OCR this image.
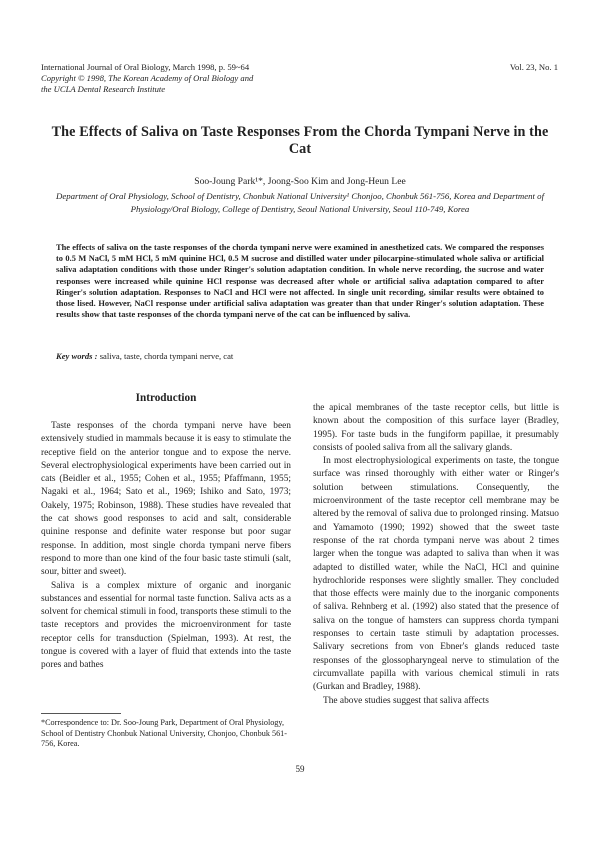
International Journal of Oral Biology, March 1998, p. 59~64
Copyright © 1998, The Korean Academy of Oral Biology and
the UCLA Dental Research Institute
Vol. 23, No. 1
The Effects of Saliva on Taste Responses From the Chorda Tympani Nerve in the Cat
Soo-Joung Park¹*, Joong-Soo Kim and Jong-Heun Lee
Department of Oral Physiology, School of Dentistry, Chonbuk National University¹ Chonjoo, Chonbuk 561-756, Korea and Department of Physiology/Oral Biology, College of Dentistry, Seoul National University, Seoul 110-749, Korea
The effects of saliva on the taste responses of the chorda tympani nerve were examined in anesthetized cats. We compared the responses to 0.5 M NaCl, 5 mM HCl, 5 mM quinine HCl, 0.5 M sucrose and distilled water under pilocarpine-stimulated whole saliva or artificial saliva adaptation conditions with those under Ringer's solution adaptation condition. In whole nerve recording, the sucrose and water responses were increased while quinine HCl response was decreased after whole or artificial saliva adaptation compared to after Ringer's solution adaptation. Responses to NaCl and HCl were not affected. In single unit recording, similar results were obtained to those lised. However, NaCl response under artificial saliva adaptation was greater than that under Ringer's solution adaptation. These results show that taste responses of the chorda tympani nerve of the cat can be influenced by saliva.
Key words : saliva, taste, chorda tympani nerve, cat
Introduction

Taste responses of the chorda tympani nerve have been extensively studied in mammals because it is easy to stimulate the receptive field on the anterior tongue and to expose the nerve. Several electrophysiological experiments have been carried out in cats (Beidler et al., 1955; Cohen et al., 1955; Pfaffmann, 1955; Nagaki et al., 1964; Sato et al., 1969; Ishiko and Sato, 1973; Oakely, 1975; Robinson, 1988). These studies have revealed that the cat shows good responses to acid and salt, considerable quinine response and definite water response but poor sugar response. In addition, most single chorda tympani nerve fibers respond to more than one kind of the four basic taste stimuli (salt, sour, bitter and sweet).

Saliva is a complex mixture of organic and inorganic substances and essential for normal taste function. Saliva acts as a solvent for chemical stimuli in food, transports these stimuli to the taste receptors and provides the microenvironment for taste receptor cells for transduction (Spielman, 1993). At rest, the tongue is covered with a layer of fluid that extends into the taste pores and bathes

the apical membranes of the taste receptor cells, but little is known about the composition of this surface layer (Bradley, 1995). For taste buds in the fungiform papillae, it presumably consists of pooled saliva from all the salivary glands.

In most electrophysiological experiments on taste, the tongue surface was rinsed thoroughly with either water or Ringer's solution between stimulations. Consequently, the microenvironment of the taste receptor cell membrane may be altered by the removal of saliva due to prolonged rinsing. Matsuo and Yamamoto (1990; 1992) showed that the sweet taste response of the rat chorda tympani nerve was about 2 times larger when the tongue was adapted to saliva than when it was adapted to distilled water, while the NaCl, HCl and quinine hydrochloride responses were slightly smaller. They concluded that those effects were mainly due to the inorganic components of saliva. Rehnberg et al. (1992) also stated that the presence of saliva on the tongue of hamsters can suppress chorda tympani responses to certain taste stimuli by adaptation processes. Salivary secretions from von Ebner's glands reduced taste responses of the glossopharyngeal nerve to stimulation of the circumvallate papilla with various chemical stimuli in rats (Gurkan and Bradley, 1988).

The above studies suggest that saliva affects

*Correspondence to: Dr. Soo-Joung Park, Department of Oral Physiology, School of Dentistry Chonbuk National University, Chonjoo, Chonbuk 561-756, Korea.
59
